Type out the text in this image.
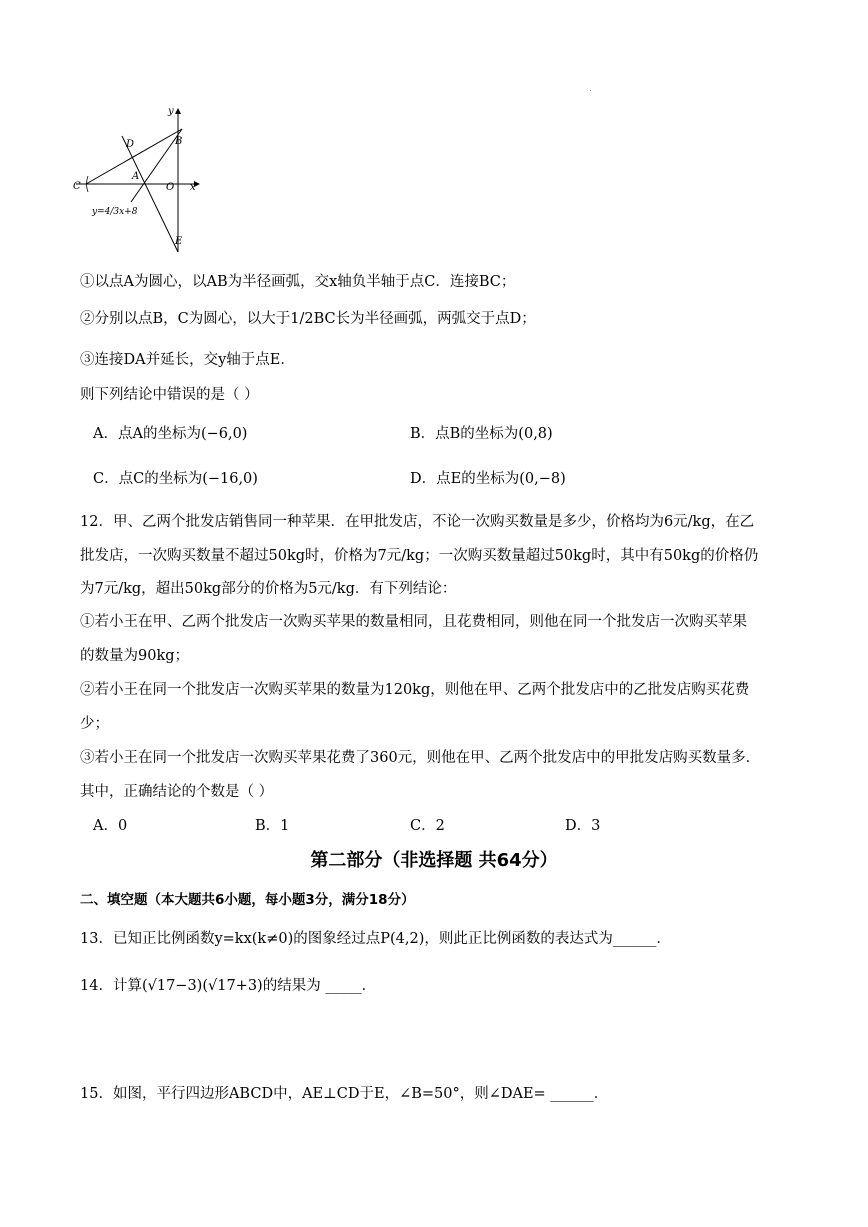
C
D	B
A
O x
y
E
y=4/3x+8
①以点A为圆心，以AB为半径画弧，交x轴负半轴于点C．连接BC；
②分别以点B，C为圆心，以大于1/2BC长为半径画弧，两弧交于点D；
③连接DA并延长，交y轴于点E．
则下列结论中错误的是（ ）
A．点A的坐标为(−6,0)	B．点B的坐标为(0,8)
C．点C的坐标为(−16,0)	D．点E的坐标为(0,−8)
12．甲、乙两个批发店销售同一种苹果．在甲批发店，不论一次购买数量是多少，价格均为6元/kg，在乙
批发店，一次购买数量不超过50kg时，价格为7元/kg；一次购买数量超过50kg时，其中有50kg的价格仍
为7元/kg，超出50kg部分的价格为5元/kg．有下列结论：
①若小王在甲、乙两个批发店一次购买苹果的数量相同，且花费相同，则他在同一个批发店一次购买苹果
的数量为90kg；
②若小王在同一个批发店一次购买苹果的数量为120kg，则他在甲、乙两个批发店中的乙批发店购买花费
少；
③若小王在同一个批发店一次购买苹果花费了360元，则他在甲、乙两个批发店中的甲批发店购买数量多．
其中，正确结论的个数是（ ）
A．0	B．1	C．2	D．3
第二部分（非选择题 共64分）
二、填空题（本大题共6小题，每小题3分，满分18分）
13．已知正比例函数y=kx(k≠0)的图象经过点P(4,2)，则此正比例函数的表达式为______．
14．计算(√17−3)(√17+3)的结果为 _____．
15．如图，平行四边形ABCD中，AE⊥CD于E，∠B=50°，则∠DAE= ______．
